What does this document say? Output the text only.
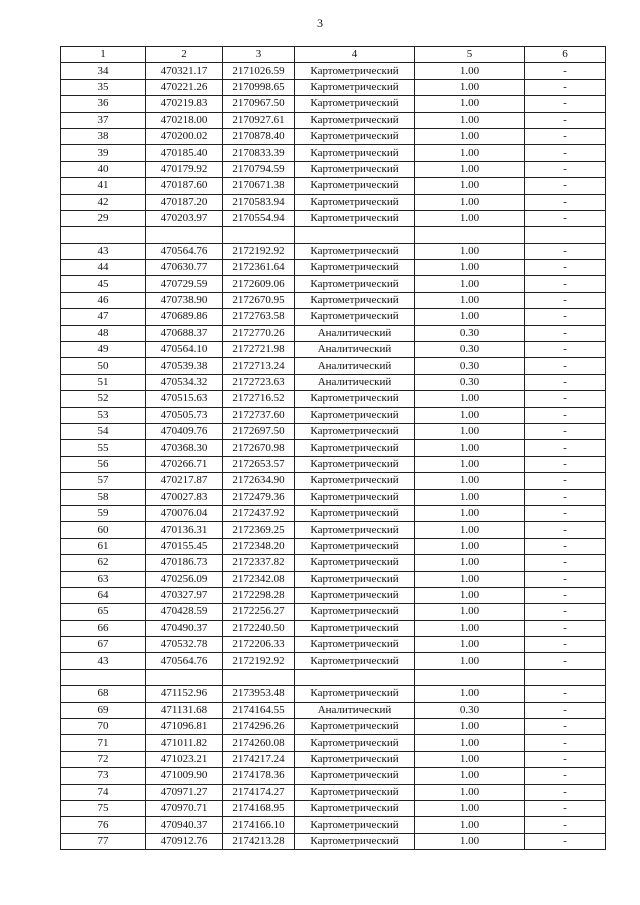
3
1	2	3	4	5	6
34	470321.17	2171026.59	Картометрический	1.00	-
35	470221.26	2170998.65	Картометрический	1.00	-
36	470219.83	2170967.50	Картометрический	1.00	-
37	470218.00	2170927.61	Картометрический	1.00	-
38	470200.02	2170878.40	Картометрический	1.00	-
39	470185.40	2170833.39	Картометрический	1.00	-
40	470179.92	2170794.59	Картометрический	1.00	-
41	470187.60	2170671.38	Картометрический	1.00	-
42	470187.20	2170583.94	Картометрический	1.00	-
29	470203.97	2170554.94	Картометрический	1.00	-

43	470564.76	2172192.92	Картометрический	1.00	-
44	470630.77	2172361.64	Картометрический	1.00	-
45	470729.59	2172609.06	Картометрический	1.00	-
46	470738.90	2172670.95	Картометрический	1.00	-
47	470689.86	2172763.58	Картометрический	1.00	-
48	470688.37	2172770.26	Аналитический	0.30	-
49	470564.10	2172721.98	Аналитический	0.30	-
50	470539.38	2172713.24	Аналитический	0.30	-
51	470534.32	2172723.63	Аналитический	0.30	-
52	470515.63	2172716.52	Картометрический	1.00	-
53	470505.73	2172737.60	Картометрический	1.00	-
54	470409.76	2172697.50	Картометрический	1.00	-
55	470368.30	2172670.98	Картометрический	1.00	-
56	470266.71	2172653.57	Картометрический	1.00	-
57	470217.87	2172634.90	Картометрический	1.00	-
58	470027.83	2172479.36	Картометрический	1.00	-
59	470076.04	2172437.92	Картометрический	1.00	-
60	470136.31	2172369.25	Картометрический	1.00	-
61	470155.45	2172348.20	Картометрический	1.00	-
62	470186.73	2172337.82	Картометрический	1.00	-
63	470256.09	2172342.08	Картометрический	1.00	-
64	470327.97	2172298.28	Картометрический	1.00	-
65	470428.59	2172256.27	Картометрический	1.00	-
66	470490.37	2172240.50	Картометрический	1.00	-
67	470532.78	2172206.33	Картометрический	1.00	-
43	470564.76	2172192.92	Картометрический	1.00	-

68	471152.96	2173953.48	Картометрический	1.00	-
69	471131.68	2174164.55	Аналитический	0.30	-
70	471096.81	2174296.26	Картометрический	1.00	-
71	471011.82	2174260.08	Картометрический	1.00	-
72	471023.21	2174217.24	Картометрический	1.00	-
73	471009.90	2174178.36	Картометрический	1.00	-
74	470971.27	2174174.27	Картометрический	1.00	-
75	470970.71	2174168.95	Картометрический	1.00	-
76	470940.37	2174166.10	Картометрический	1.00	-
77	470912.76	2174213.28	Картометрический	1.00	-
